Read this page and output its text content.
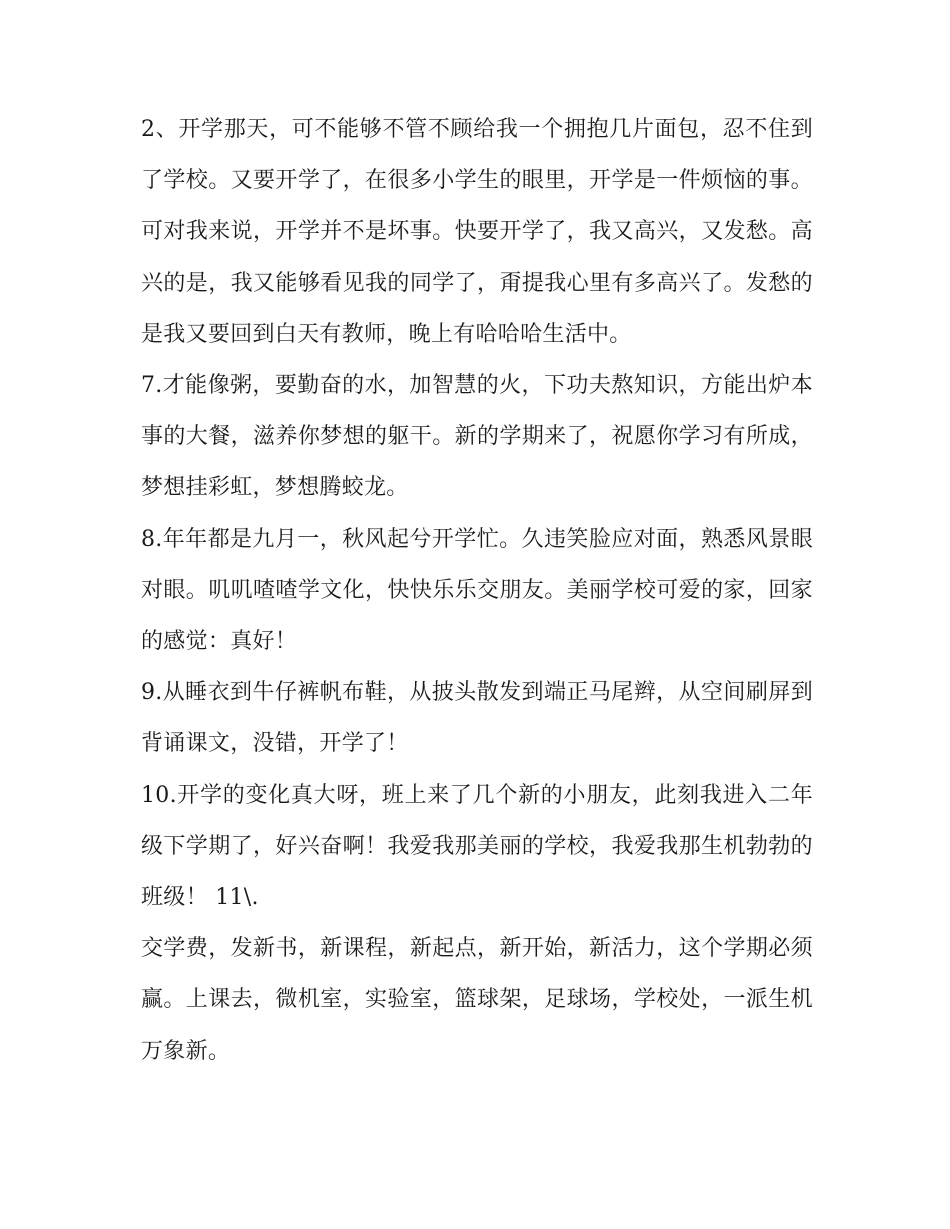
2、开学那天，可不能够不管不顾给我一个拥抱几片面包，忍不住到了学校。又要开学了，在很多小学生的眼里，开学是一件烦恼的事。可对我来说，开学并不是坏事。快要开学了，我又高兴，又发愁。高兴的是，我又能够看见我的同学了，甭提我心里有多高兴了。发愁的是我又要回到白天有教师，晚上有哈哈哈生活中。

7.才能像粥，要勤奋的水，加智慧的火，下功夫熬知识，方能出炉本事的大餐，滋养你梦想的躯干。新的学期来了，祝愿你学习有所成，梦想挂彩虹，梦想腾蛟龙。

8.年年都是九月一，秋风起兮开学忙。久违笑脸应对面，熟悉风景眼对眼。叽叽喳喳学文化，快快乐乐交朋友。美丽学校可爱的家，回家的感觉：真好！

9.从睡衣到牛仔裤帆布鞋，从披头散发到端正马尾辫，从空间刷屏到背诵课文，没错，开学了！

10.开学的变化真大呀，班上来了几个新的小朋友，此刻我进入二年级下学期了，好兴奋啊！我爱我那美丽的学校，我爱我那生机勃勃的班级！ 11\.

交学费，发新书，新课程，新起点，新开始，新活力，这个学期必须赢。上课去，微机室，实验室，篮球架，足球场，学校处，一派生机万象新。
